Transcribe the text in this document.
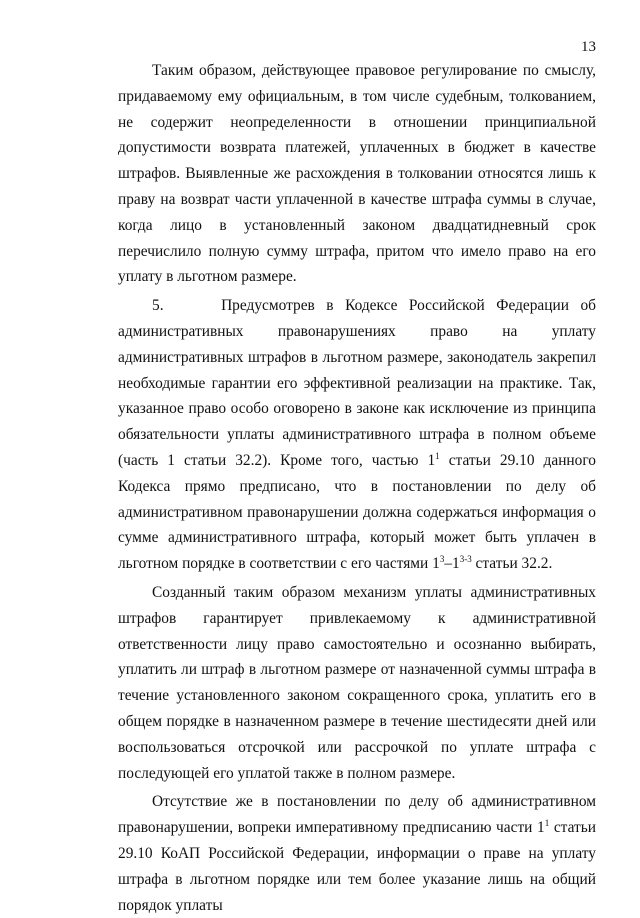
13

Таким образом, действующее правовое регулирование по смыслу, придаваемому ему официальным, в том числе судебным, толкованием, не содержит неопределенности в отношении принципиальной допустимости возврата платежей, уплаченных в бюджет в качестве штрафов. Выявленные же расхождения в толковании относятся лишь к праву на возврат части уплаченной в качестве штрафа суммы в случае, когда лицо в установленный законом двадцатидневный срок перечислило полную сумму штрафа, притом что имело право на его уплату в льготном размере.

5.     Предусмотрев в Кодексе Российской Федерации об административных правонарушениях право на уплату административных штрафов в льготном размере, законодатель закрепил необходимые гарантии его эффективной реализации на практике. Так, указанное право особо оговорено в законе как исключение из принципа обязательности уплаты административного штрафа в полном объеме (часть 1 статьи 32.2). Кроме того, частью $1^1$ статьи 29.10 данного Кодекса прямо предписано, что в постановлении по делу об административном правонарушении должна содержаться информация о сумме административного штрафа, который может быть уплачен в льготном порядке в соответствии с его частями $1^3-1^{3-3}$ статьи 32.2.

Созданный таким образом механизм уплаты административных штрафов гарантирует привлекаемому к административной ответственности лицу право самостоятельно и осознанно выбирать, уплатить ли штраф в льготном размере от назначенной суммы штрафа в течение установленного законом сокращенного срока, уплатить его в общем порядке в назначенном размере в течение шестидесяти дней или воспользоваться отсрочкой или рассрочкой по уплате штрафа с последующей его уплатой также в полном размере.

Отсутствие же в постановлении по делу об административном правонарушении, вопреки императивному предписанию части $1^1$ статьи 29.10 КоАП Российской Федерации, информации о праве на уплату штрафа в льготном порядке или тем более указание лишь на общий порядок уплаты
